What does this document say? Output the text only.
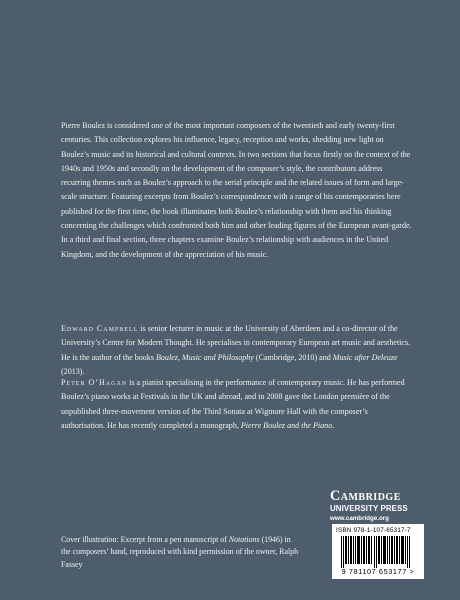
Pierre Boulez is considered one of the most important composers of the twentieth and early twenty-first centuries. This collection explores his influence, legacy, reception and works, shedding new light on Boulez’s music and its historical and cultural contexts. In two sections that focus firstly on the context of the 1940s and 1950s and secondly on the development of the composer’s style, the contributors address recurring themes such as Boulez’s approach to the serial principle and the related issues of form and large-scale structure. Featuring excerpts from Boulez’s correspondence with a range of his contemporaries here published for the first time, the book illuminates both Boulez’s relationship with them and his thinking concerning the challenges which confronted both him and other leading figures of the European avant-garde. In a third and final section, three chapters examine Boulez’s relationship with audiences in the United Kingdom, and the development of the appreciation of his music.

Edward Campbell is senior lecturer in music at the University of Aberdeen and a co-director of the University’s Centre for Modern Thought. He specialises in contemporary European art music and aesthetics. He is the author of the books Boulez, Music and Philosophy (Cambridge, 2010) and Music after Deleuze (2013).

Peter O’Hagan is a pianist specialising in the performance of contemporary music. He has performed Boulez’s piano works at Festivals in the UK and abroad, and in 2008 gave the London première of the unpublished three-movement version of the Third Sonata at Wigmore Hall with the composer’s authorisation. He has recently completed a monograph, Pierre Boulez and the Piano.

Cover illustration: Excerpt from a pen manuscript of Notations (1946) in the composers’ hand, reproduced with kind permission of the owner, Ralph Fassey

Cambridge
UNIVERSITY PRESS
www.cambridge.org
ISBN 978-1-107-65317-7
9 781107 653177 >
